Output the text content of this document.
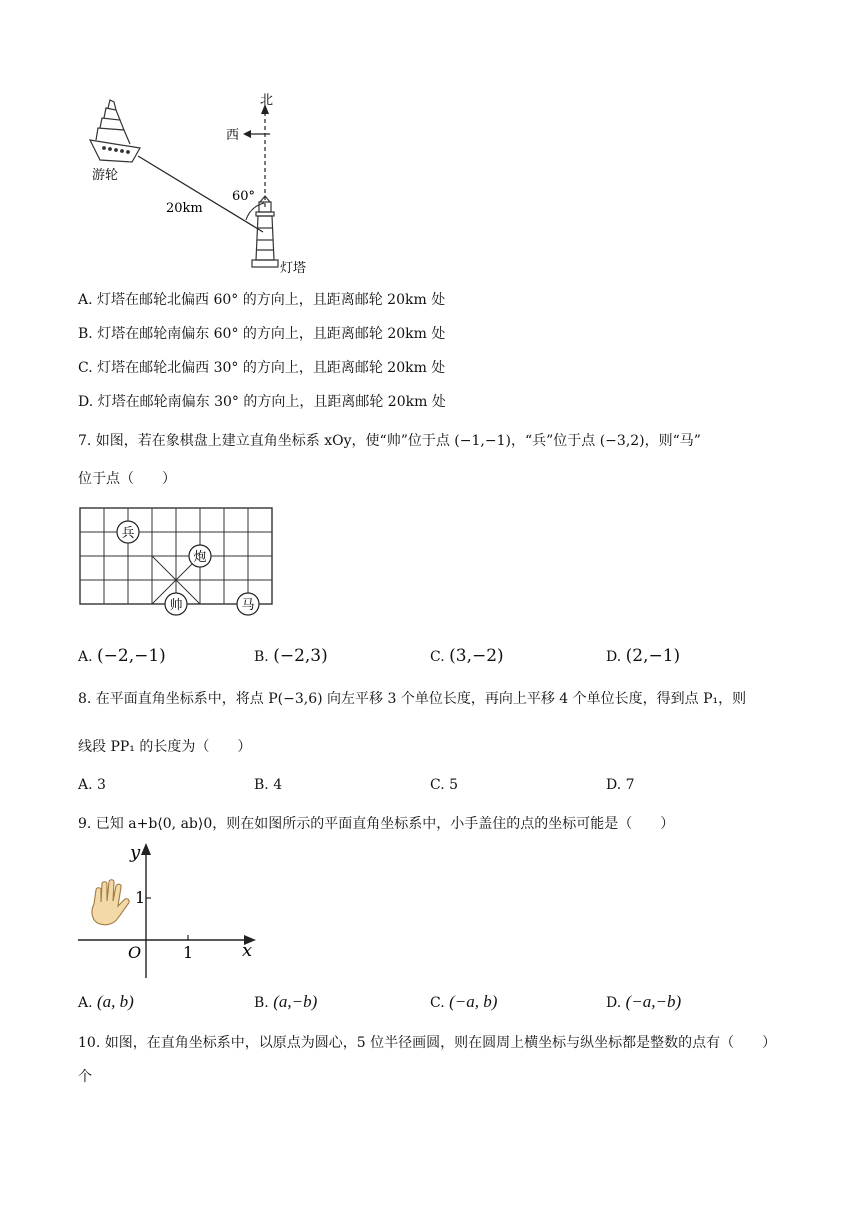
北
西
游轮
20km
60°
灯塔
A. 灯塔在邮轮北偏西 60° 的方向上，且距离邮轮 20km 处
B. 灯塔在邮轮南偏东 60° 的方向上，且距离邮轮 20km 处
C. 灯塔在邮轮北偏西 30° 的方向上，且距离邮轮 20km 处
D. 灯塔在邮轮南偏东 30° 的方向上，且距离邮轮 20km 处
7. 如图，若在象棋盘上建立直角坐标系 xOy，使“帅”位于点 (−1,−1)，“兵”位于点 (−3,2)，则“马”
位于点（　　）
兵
炮
帅	马
A. (−2,−1)	B. (−2,3)	C. (3,−2)	D. (2,−1)
8. 在平面直角坐标系中，将点 P(−3,6) 向左平移 3 个单位长度，再向上平移 4 个单位长度，得到点 P₁，则
线段 PP₁ 的长度为（　　）
A. 3	B. 4	C. 5	D. 7
9. 已知 a+b⟨0, ab⟩0，则在如图所示的平面直角坐标系中，小手盖住的点的坐标可能是（　　）
y
x
O	1
1
A. (a, b)	B. (a,−b)	C. (−a, b)	D. (−a,−b)
10. 如图，在直角坐标系中，以原点为圆心，5 位半径画圆，则在圆周上横坐标与纵坐标都是整数的点有（　　）
个
